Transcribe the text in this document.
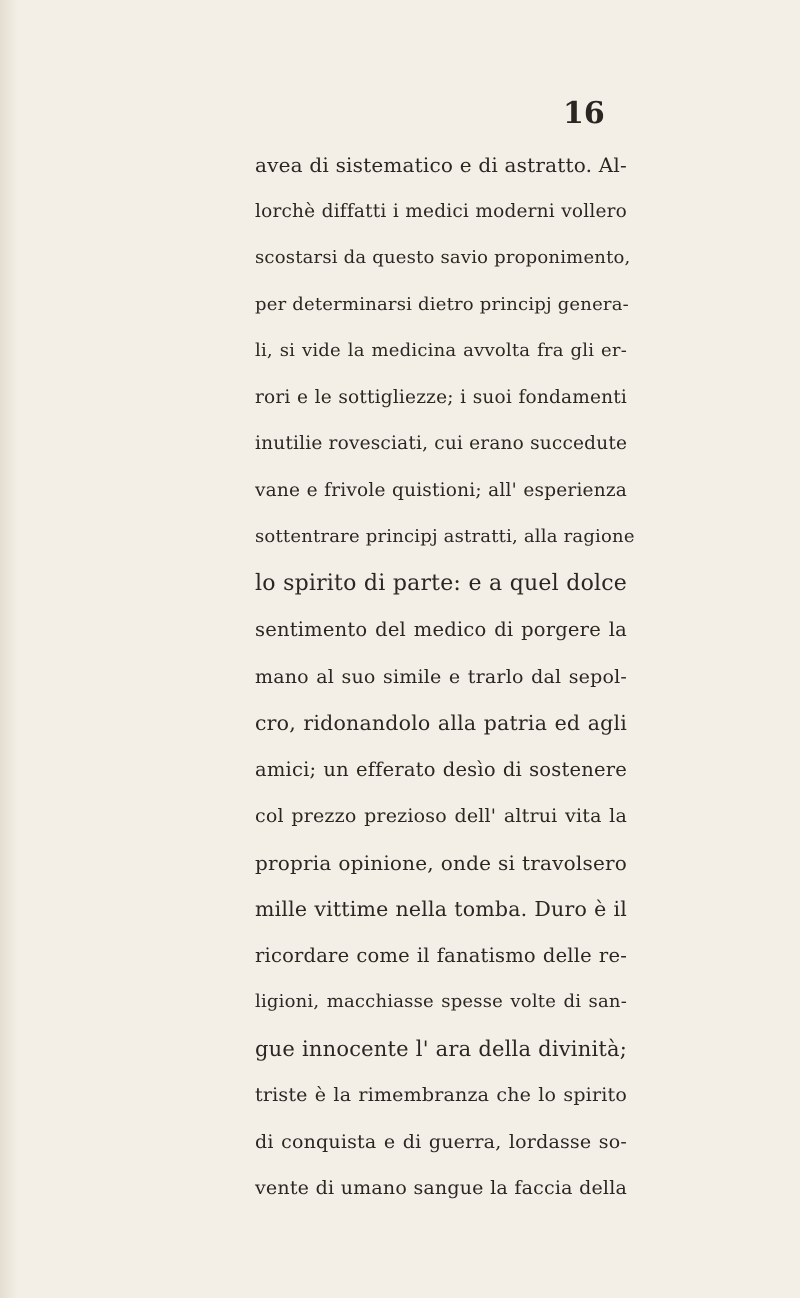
16
avea di sistematico e di astratto. Al-
lorchè diffatti i medici moderni vollero
scostarsi da questo savio proponimento,
per determinarsi dietro principj genera-
li, si vide la medicina avvolta fra gli er-
rori e le sottigliezze; i suoi fondamenti
inutilie rovesciati, cui erano succedute
vane e frivole quistioni; all' esperienza
sottentrare principj astratti, alla ragione
lo spirito di parte: e a quel dolce
sentimento del medico di porgere la
mano al suo simile e trarlo dal sepol-
cro, ridonandolo alla patria ed agli
amici; un efferato desìo di sostenere
col prezzo prezioso dell' altrui vita la
propria opinione, onde si travolsero
mille vittime nella tomba. Duro è il
ricordare come il fanatismo delle re-
ligioni, macchiasse spesse volte di san-
gue innocente l' ara della divinità;
triste è la rimembranza che lo spirito
di conquista e di guerra, lordasse so-
vente di umano sangue la faccia della
